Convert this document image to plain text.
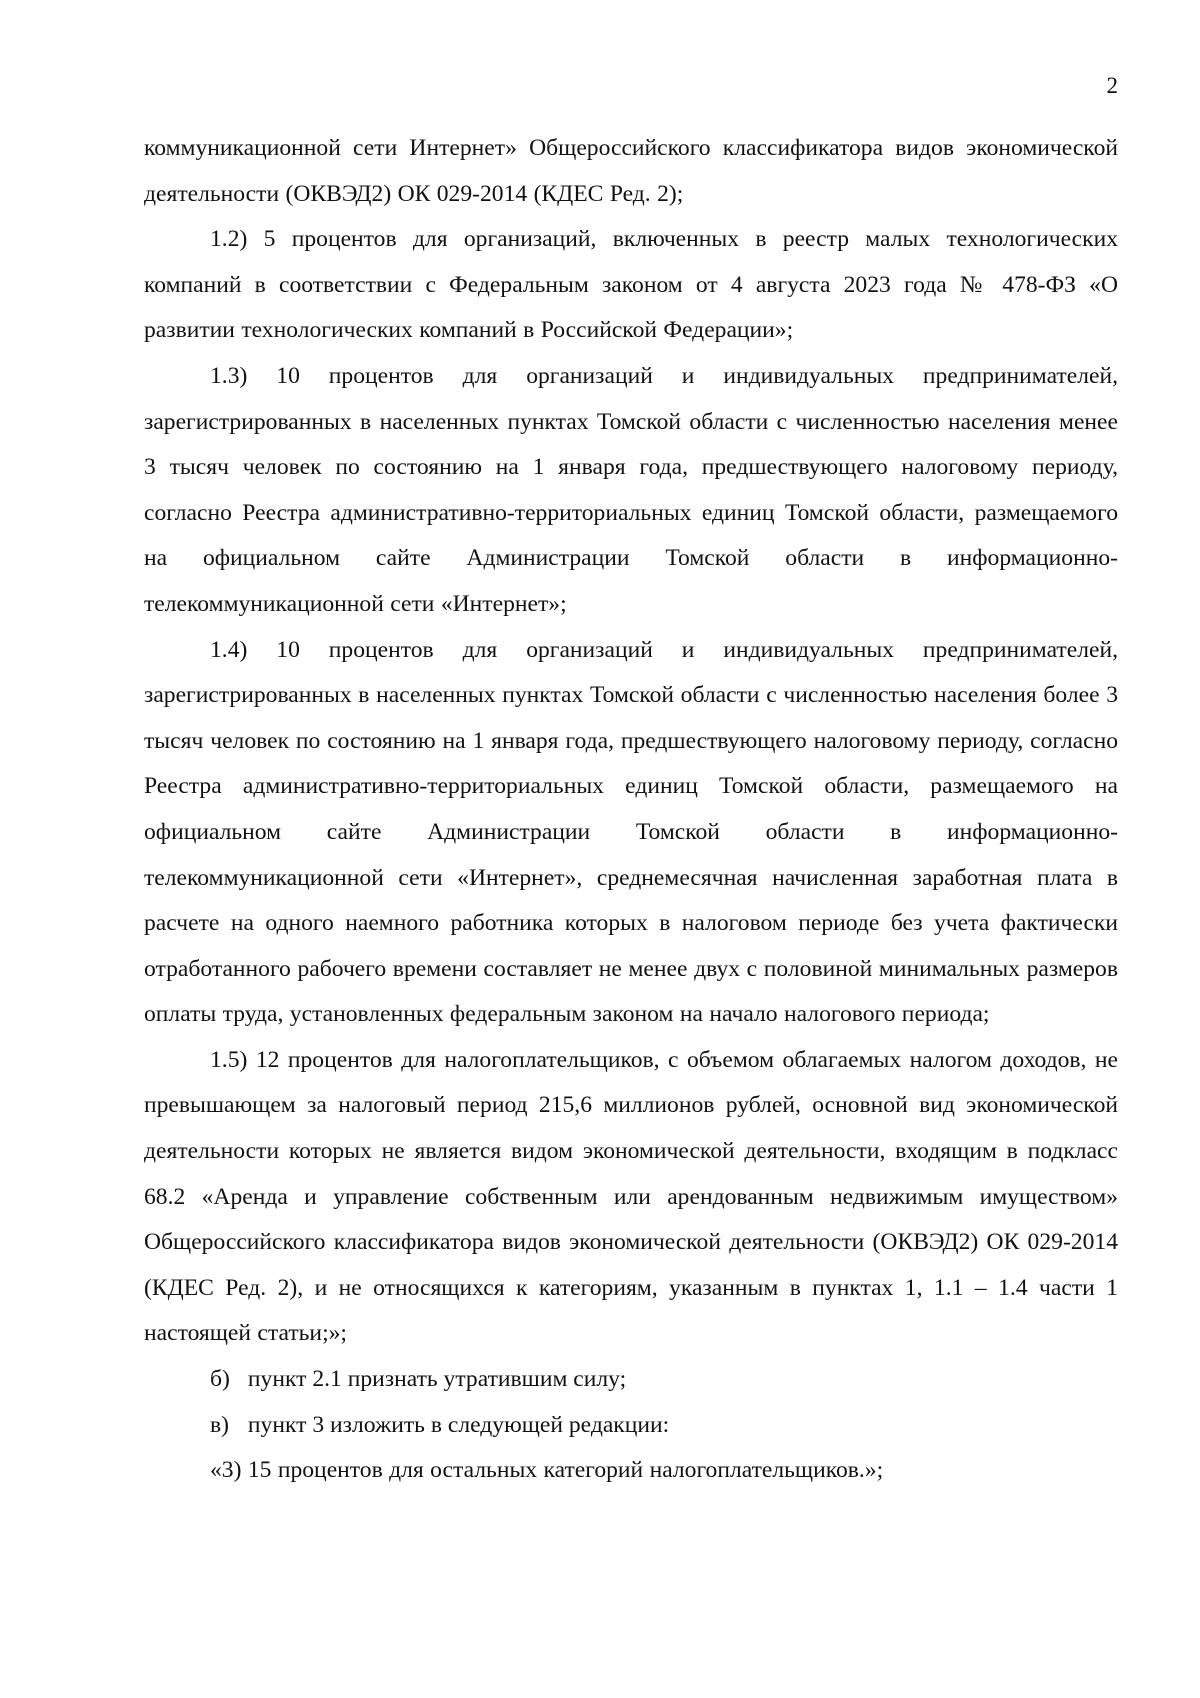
2

коммуникационной сети Интернет» Общероссийского классификатора видов экономической деятельности (ОКВЭД2) ОК 029-2014 (КДЕС Ред. 2);

1.2) 5 процентов для организаций, включенных в реестр малых технологических компаний в соответствии с Федеральным законом от 4 августа 2023 года № 478-ФЗ «О развитии технологических компаний в Российской Федерации»;

1.3) 10 процентов для организаций и индивидуальных предпринимателей, зарегистрированных в населенных пунктах Томской области с численностью населения менее 3 тысяч человек по состоянию на 1 января года, предшествующего налоговому периоду, согласно Реестра административно-территориальных единиц Томской области, размещаемого на официальном сайте Администрации Томской области в информационно-телекоммуникационной сети «Интернет»;

1.4) 10 процентов для организаций и индивидуальных предпринимателей, зарегистрированных в населенных пунктах Томской области с численностью населения более 3 тысяч человек по состоянию на 1 января года, предшествующего налоговому периоду, согласно Реестра административно-территориальных единиц Томской области, размещаемого на официальном сайте Администрации Томской области в информационно-телекоммуникационной сети «Интернет», среднемесячная начисленная заработная плата в расчете на одного наемного работника которых в налоговом периоде без учета фактически отработанного рабочего времени составляет не менее двух с половиной минимальных размеров оплаты труда, установленных федеральным законом на начало налогового периода;

1.5) 12 процентов для налогоплательщиков, с объемом облагаемых налогом доходов, не превышающем за налоговый период 215,6 миллионов рублей, основной вид экономической деятельности которых не является видом экономической деятельности, входящим в подкласс 68.2 «Аренда и управление собственным или арендованным недвижимым имуществом» Общероссийского классификатора видов экономической деятельности (ОКВЭД2) ОК 029-2014 (КДЕС Ред. 2), и не относящихся к категориям, указанным в пунктах 1, 1.1 – 1.4 части 1 настоящей статьи;»;

б) пункт 2.1 признать утратившим силу;

в) пункт 3 изложить в следующей редакции:

«3) 15 процентов для остальных категорий налогоплательщиков.»;
